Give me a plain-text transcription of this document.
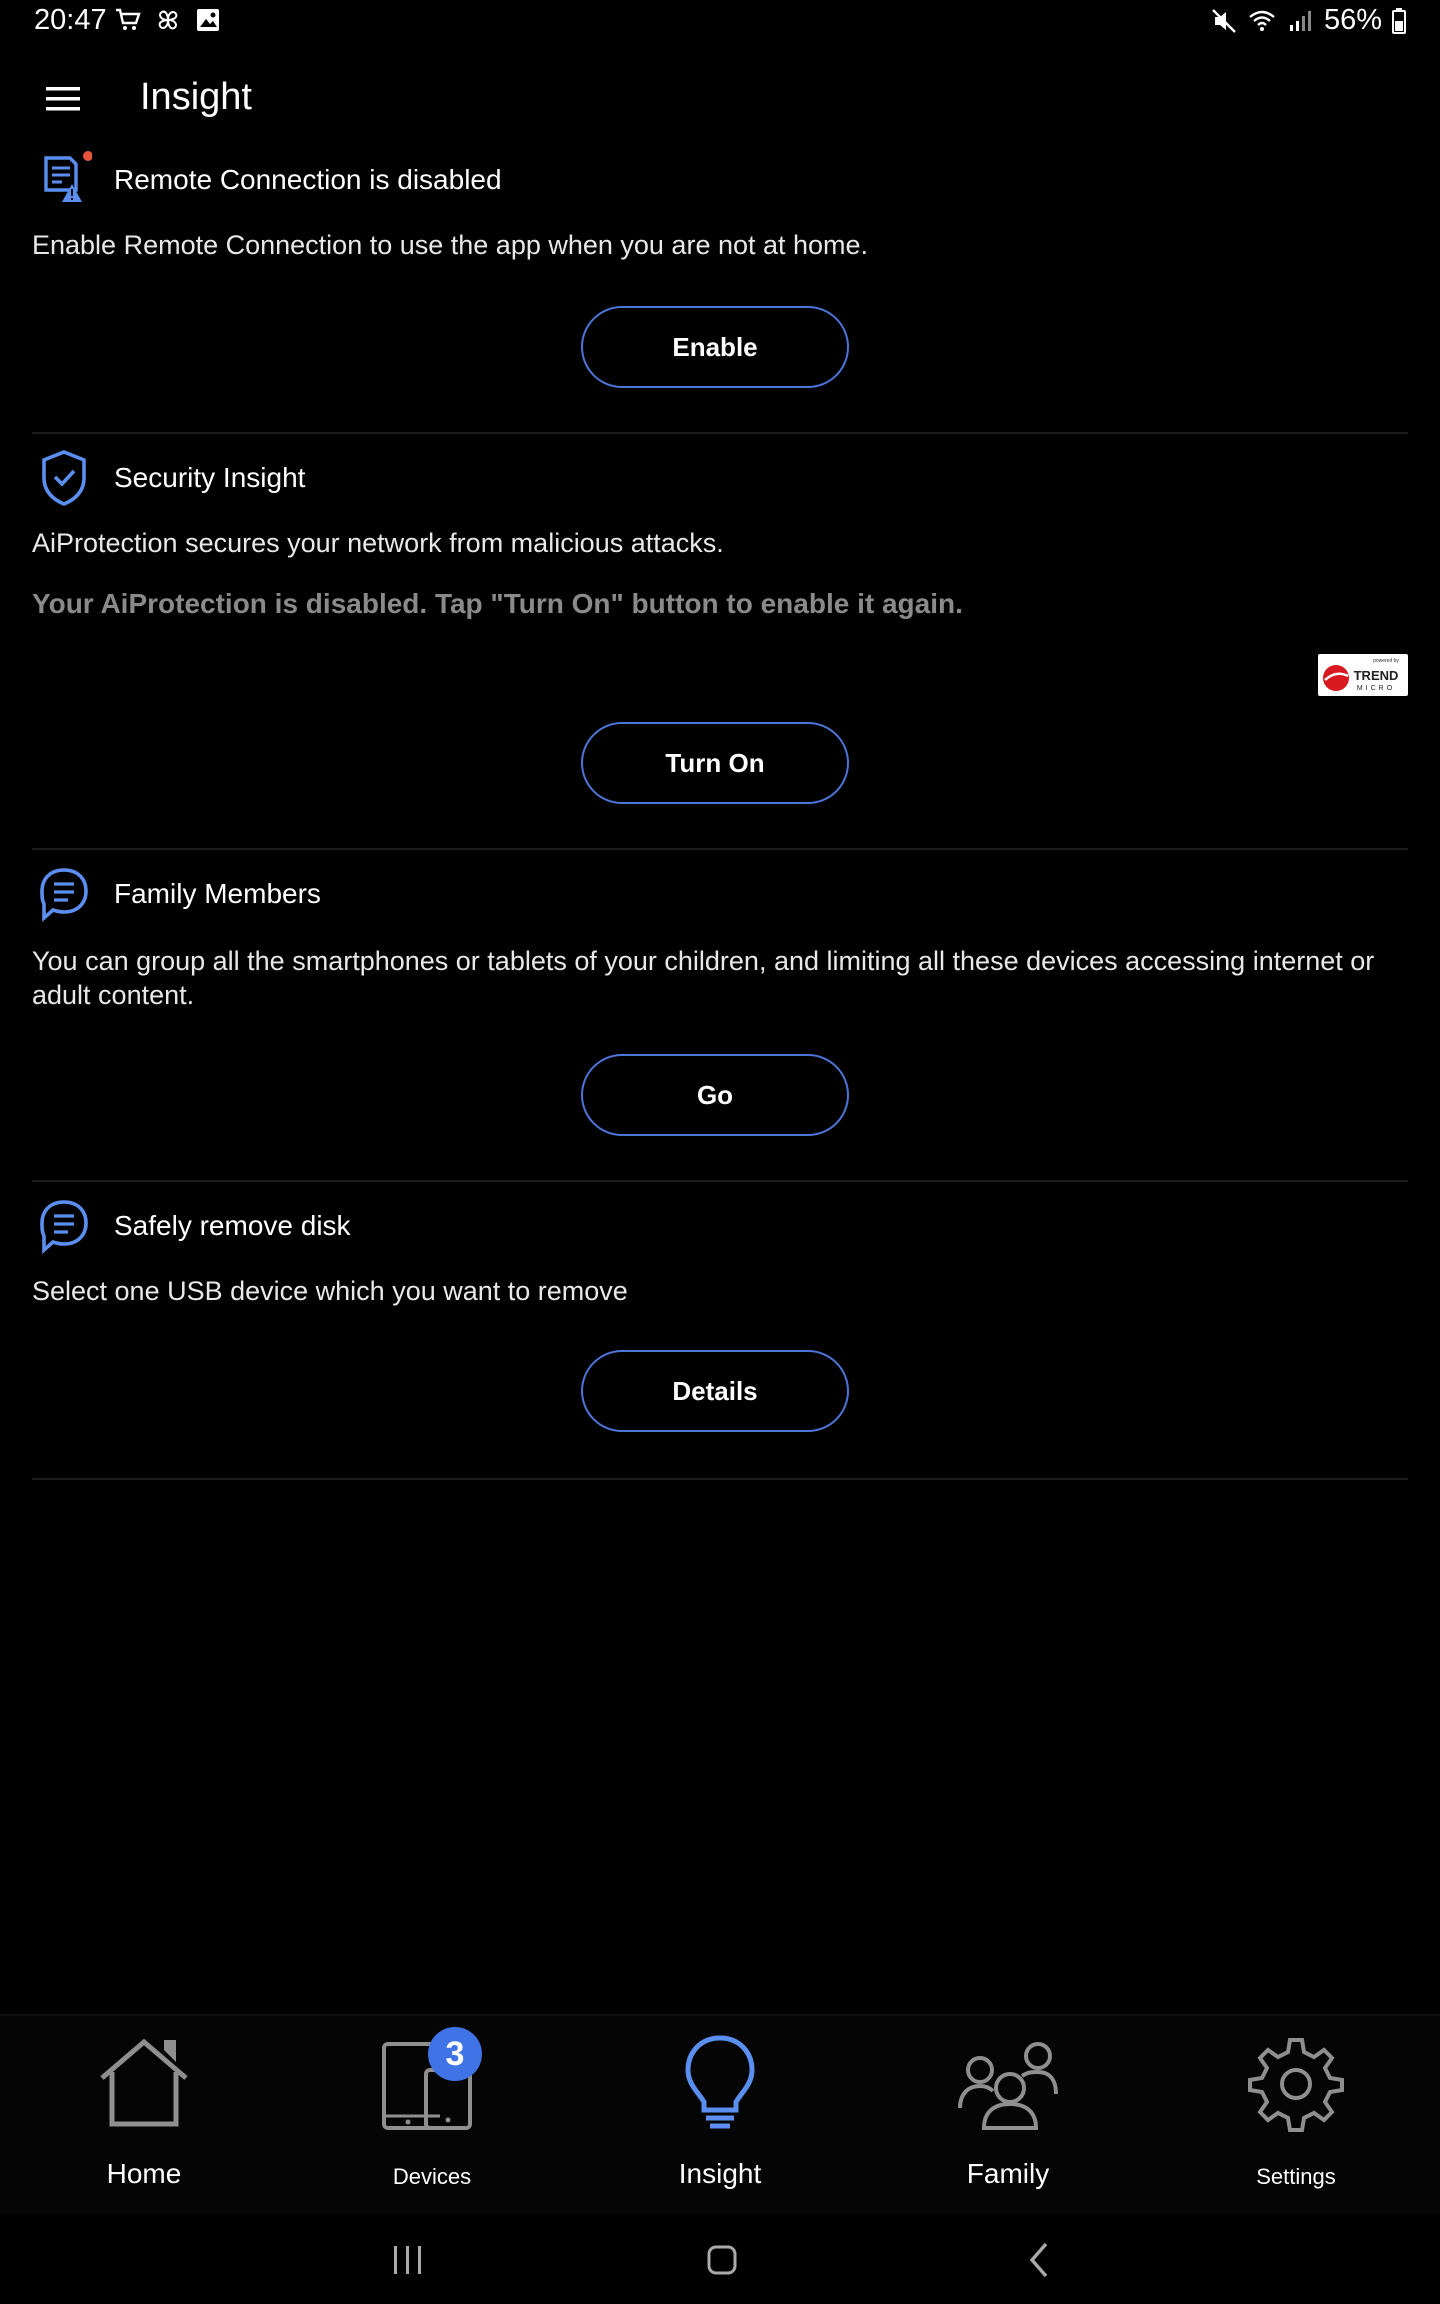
20:47	56%
Insight
Remote Connection is disabled
Enable Remote Connection to use the app when you are not at home.
Enable
Security Insight
AiProtection secures your network from malicious attacks.
Your AiProtection is disabled. Tap "Turn On" button to enable it again.
powered by
TREND
MICRO
Turn On
Family Members
You can group all the smartphones or tablets of your children, and limiting all these devices accessing internet or adult content.
Go
Safely remove disk
Select one USB device which you want to remove
Details
Home	Devices	Insight	Family	Settings
3
